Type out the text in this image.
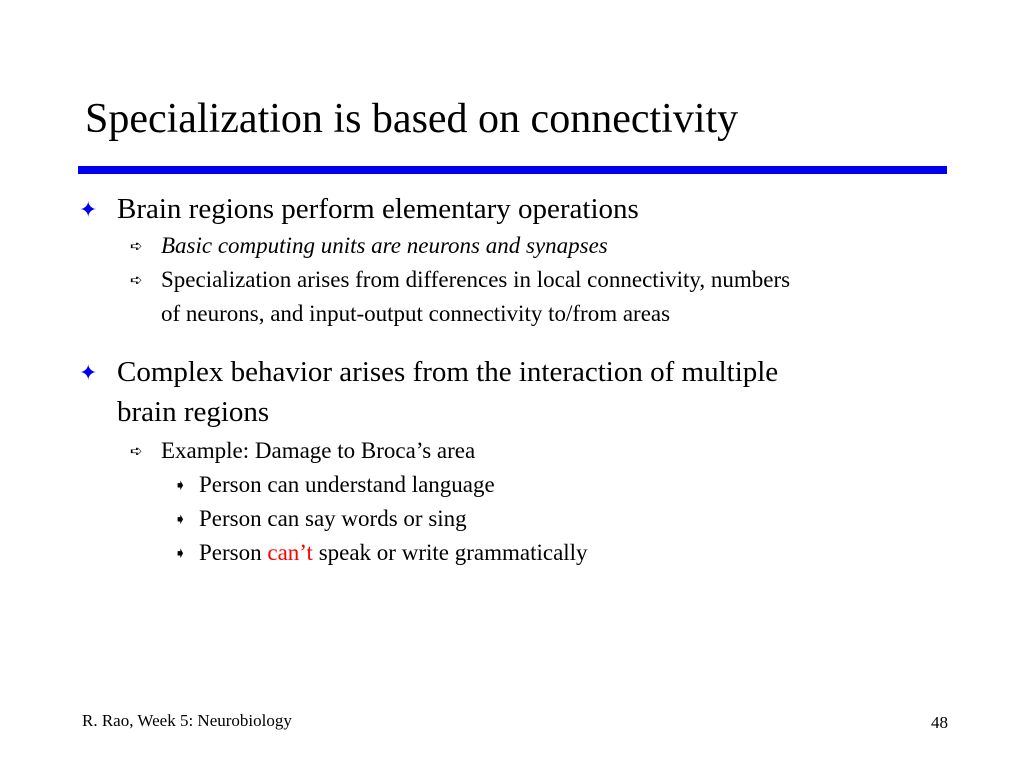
Specialization is based on connectivity
✦ Brain regions perform elementary operations
➪ Basic computing units are neurons and synapses
➪ Specialization arises from differences in local connectivity, numbers
of neurons, and input-output connectivity to/from areas
✦ Complex behavior arises from the interaction of multiple
brain regions
➪ Example: Damage to Broca’s area
➧ Person can understand language
➧ Person can say words or sing
➧ Person can’t speak or write grammatically
R. Rao, Week 5: Neurobiology	48
